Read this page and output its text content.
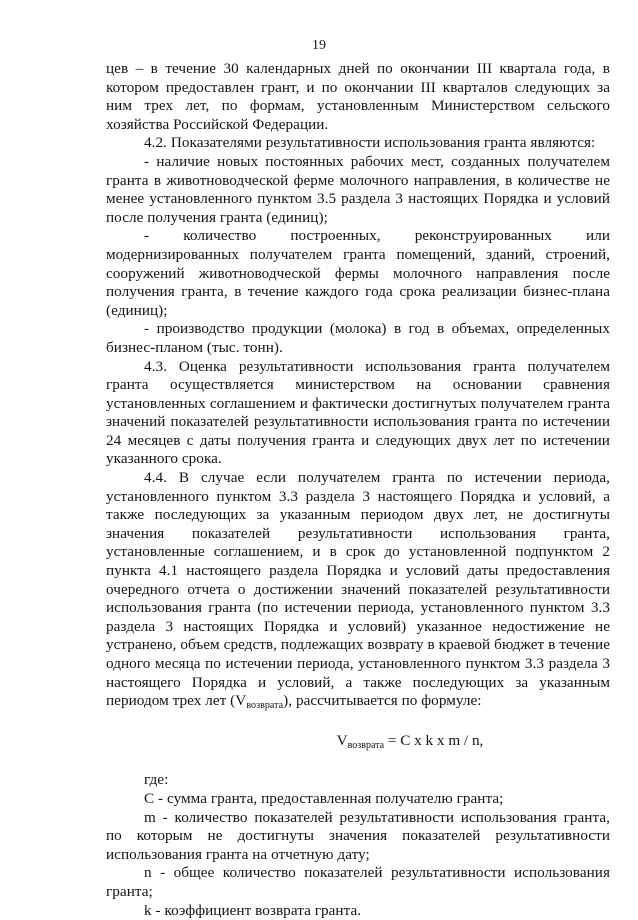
19

цев – в течение 30 календарных дней по окончании III квартала года, в котором предоставлен грант, и по окончании III кварталов следующих за ним трех лет, по формам, установленным Министерством сельского хозяйства Российской Федерации.

4.2. Показателями результативности использования гранта являются:

- наличие новых постоянных рабочих мест, созданных получателем гранта в животноводческой ферме молочного направления, в количестве не менее установленного пунктом 3.5 раздела 3 настоящих Порядка и условий после получения гранта (единиц);

- количество построенных, реконструированных или модернизированных получателем гранта помещений, зданий, строений, сооружений животноводческой фермы молочного направления после получения гранта, в течение каждого года срока реализации бизнес-плана (единиц);

- производство продукции (молока) в год в объемах, определенных бизнес-планом (тыс. тонн).

4.3. Оценка результативности использования гранта получателем гранта осуществляется министерством на основании сравнения установленных соглашением и фактически достигнутых получателем гранта значений показателей результативности использования гранта по истечении 24 месяцев с даты получения гранта и следующих двух лет по истечении указанного срока.

4.4. В случае если получателем гранта по истечении периода, установленного пунктом 3.3 раздела 3 настоящего Порядка и условий, а также последующих за указанным периодом двух лет, не достигнуты значения показателей результативности использования гранта, установленные соглашением, и в срок до установленной подпунктом 2 пункта 4.1 настоящего раздела Порядка и условий даты предоставления очередного отчета о достижении значений показателей результативности использования гранта (по истечении периода, установленного пунктом 3.3 раздела 3 настоящих Порядка и условий) указанное недостижение не устранено, объем средств, подлежащих возврату в краевой бюджет в течение одного месяца по истечении периода, установленного пунктом 3.3 раздела 3 настоящего Порядка и условий, а также последующих за указанным периодом трех лет $(V_{возврата})$, рассчитывается по формуле:

$V_{возврата} = C$ x k x m / n,

где:

C - сумма гранта, предоставленная получателю гранта;

m - количество показателей результативности использования гранта, по которым не достигнуты значения показателей результативности использования гранта на отчетную дату;

n - общее количество показателей результативности использования гранта;

k - коэффициент возврата гранта.
